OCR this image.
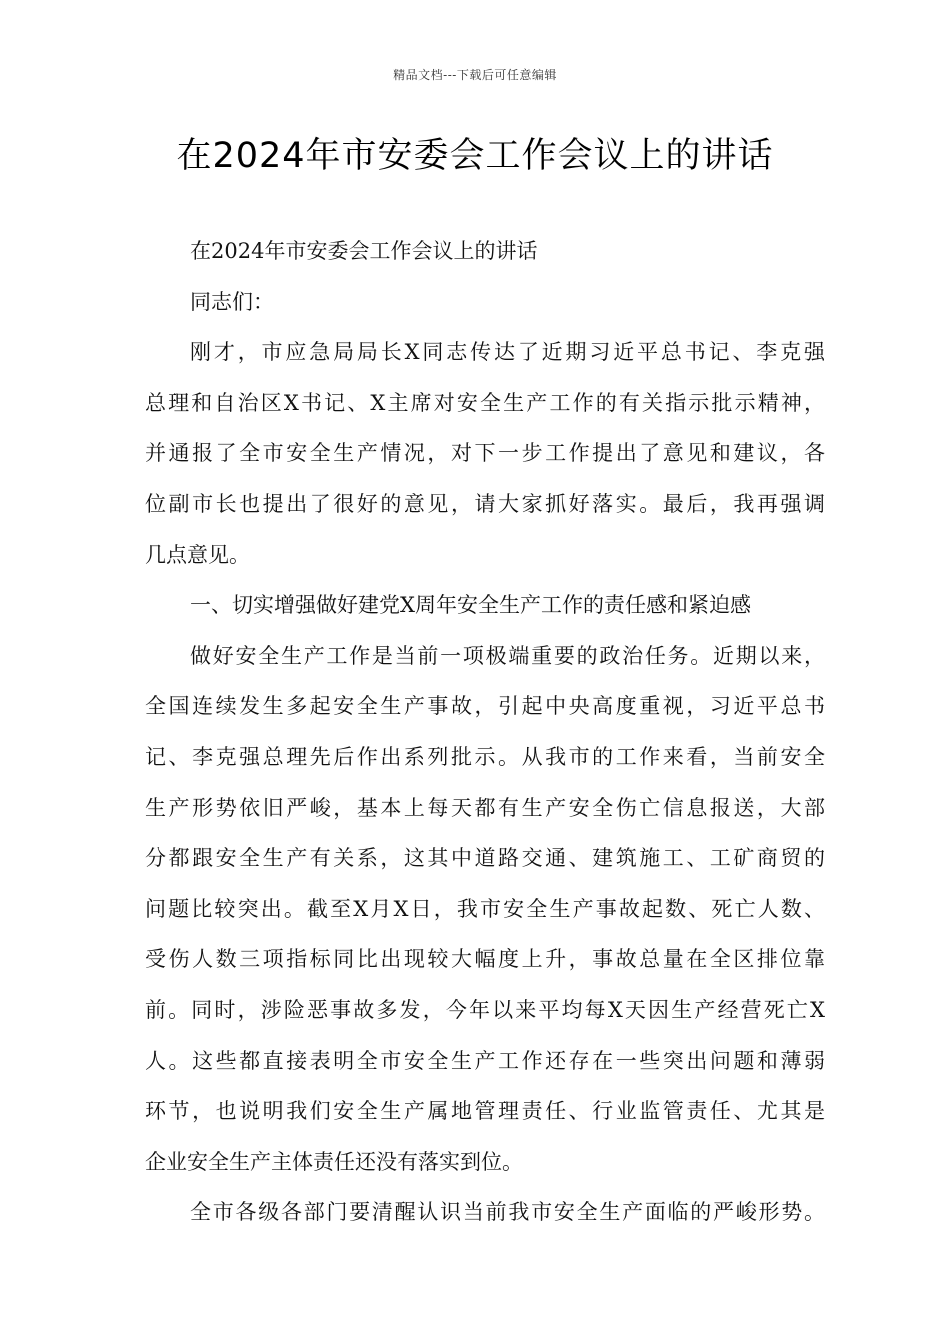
精品文档---下载后可任意编辑
在2024年市安委会工作会议上的讲话
在2024年市安委会工作会议上的讲话
同志们：
刚才，市应急局局长X同志传达了近期习近平总书记、李克强
总理和自治区X书记、X主席对安全生产工作的有关指示批示精神，
并通报了全市安全生产情况，对下一步工作提出了意见和建议，各
位副市长也提出了很好的意见，请大家抓好落实。最后，我再强调
几点意见。
一、切实增强做好建党X周年安全生产工作的责任感和紧迫感
做好安全生产工作是当前一项极端重要的政治任务。近期以来，
全国连续发生多起安全生产事故，引起中央高度重视，习近平总书
记、李克强总理先后作出系列批示。从我市的工作来看，当前安全
生产形势依旧严峻，基本上每天都有生产安全伤亡信息报送，大部
分都跟安全生产有关系，这其中道路交通、建筑施工、工矿商贸的
问题比较突出。截至X月X日，我市安全生产事故起数、死亡人数、
受伤人数三项指标同比出现较大幅度上升，事故总量在全区排位靠
前。同时，涉险恶事故多发，今年以来平均每X天因生产经营死亡X
人。这些都直接表明全市安全生产工作还存在一些突出问题和薄弱
环节，也说明我们安全生产属地管理责任、行业监管责任、尤其是
企业安全生产主体责任还没有落实到位。
全市各级各部门要清醒认识当前我市安全生产面临的严峻形势。
